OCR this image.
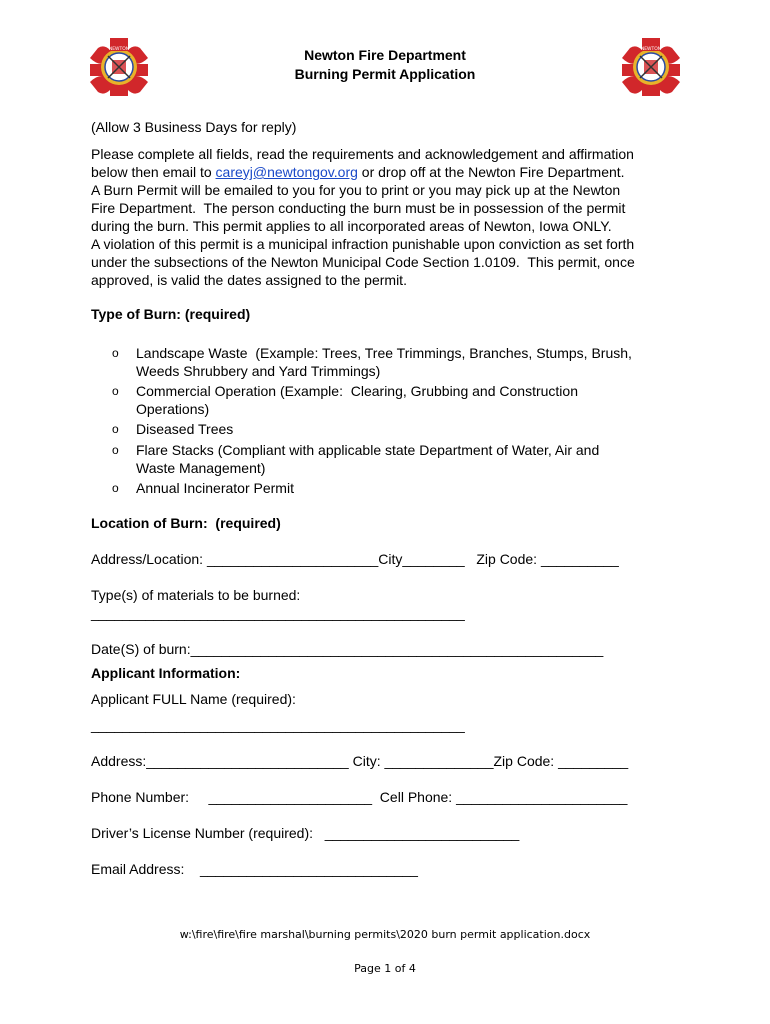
NEWTON	NEWTON
Newton Fire Department
Burning Permit Application
(Allow 3 Business Days for reply)
Please complete all fields, read the requirements and acknowledgement and affirmation
below then email to careyj@newtongov.org or drop off at the Newton Fire Department.
A Burn Permit will be emailed to you for you to print or you may pick up at the Newton
Fire Department.  The person conducting the burn must be in possession of the permit
during the burn. This permit applies to all incorporated areas of Newton, Iowa ONLY.
A violation of this permit is a municipal infraction punishable upon conviction as set forth
under the subsections of the Newton Municipal Code Section 1.0109.  This permit, once
approved, is valid the dates assigned to the permit.
Type of Burn: (required)
o Landscape Waste  (Example: Trees, Tree Trimmings, Branches, Stumps, Brush,
Weeds Shrubbery and Yard Trimmings)
o Commercial Operation (Example:  Clearing, Grubbing and Construction
Operations)
o Diseased Trees
o Flare Stacks (Compliant with applicable state Department of Water, Air and
Waste Management)
o Annual Incinerator Permit
Location of Burn:  (required)
Address/Location: ______________________City________   Zip Code: __________
Type(s) of materials to be burned:
________________________________________________
Date(S) of burn:_____________________________________________________
Applicant Information:
Applicant FULL Name (required):
________________________________________________
Address:__________________________ City: ______________Zip Code: _________
Phone Number:     _____________________  Cell Phone: ______________________
Driver’s License Number (required):   _________________________
Email Address:    ____________________________
w:\fire\fire\fire marshal\burning permits\2020 burn permit application.docx
Page 1 of 4
